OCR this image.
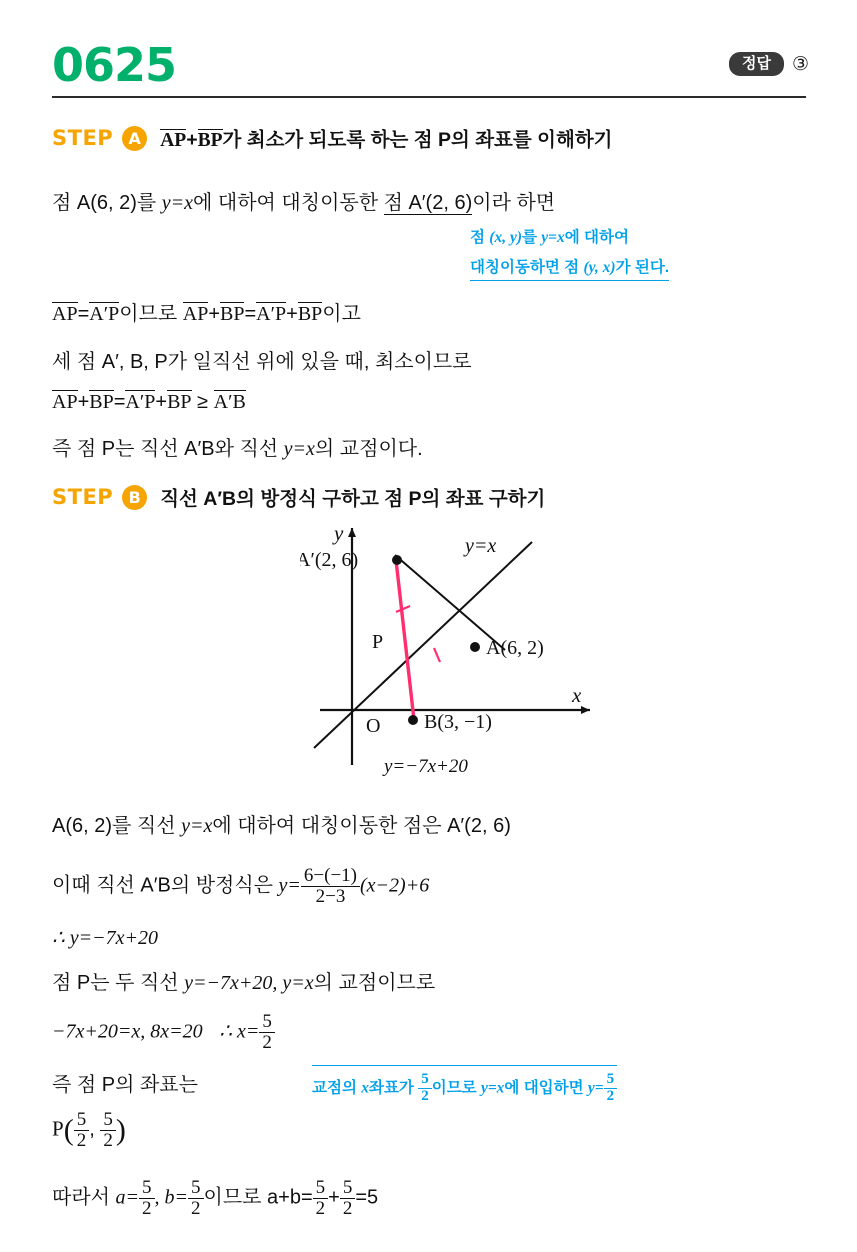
0625	정답	③
STEP A AP+BP가 최소가 되도록 하는 점 P의 좌표를 이해하기
점 A(6, 2)를 y=x에 대하여 대칭이동한 점 A′(2, 6)이라 하면
점 (x, y)를 y=x에 대하여
대칭이동하면 점 (y, x)가 된다.
AP=A′P이므로 AP+BP=A′P+BP이고
세 점 A′, B, P가 일직선 위에 있을 때, 최소이므로
AP+BP=A′P+BP ≥ A′B
즉 점 P는 직선 A′B와 직선 y=x의 교점이다.
STEP B 직선 A′B의 방정식 구하고 점 P의 좌표 구하기
A′(2, 6)
A(6, 2)
B(3, −1)
P
y=x
O
x
y
y=−7x+20
A(6, 2)를 직선 y=x에 대하여 대칭이동한 점은 A′(2, 6)
이때 직선 A′B의 방정식은 $y= \frac{6-(-1)}{2-3} (x-2)+6$
∴ y=−7x+20
점 P는 두 직선 y=−7x+20, y=x의 교점이므로
−7x+20=x, 8x=20 ∴ $x= \frac{5}{2}$
교점의 x좌표가 $\frac{5}{2}$ 이므로 y=x에 대입하면 $y= \frac{5}{2}$
즉 점 P의 좌표는
$P( \frac{5}{2}$ , $\frac{5}{2}$ )
따라서 $a= \frac{5}{2}$ , $b= \frac{5}{2}$ 이므로 $a+b= \frac{5}{2} + \frac{5}{2} =5$
